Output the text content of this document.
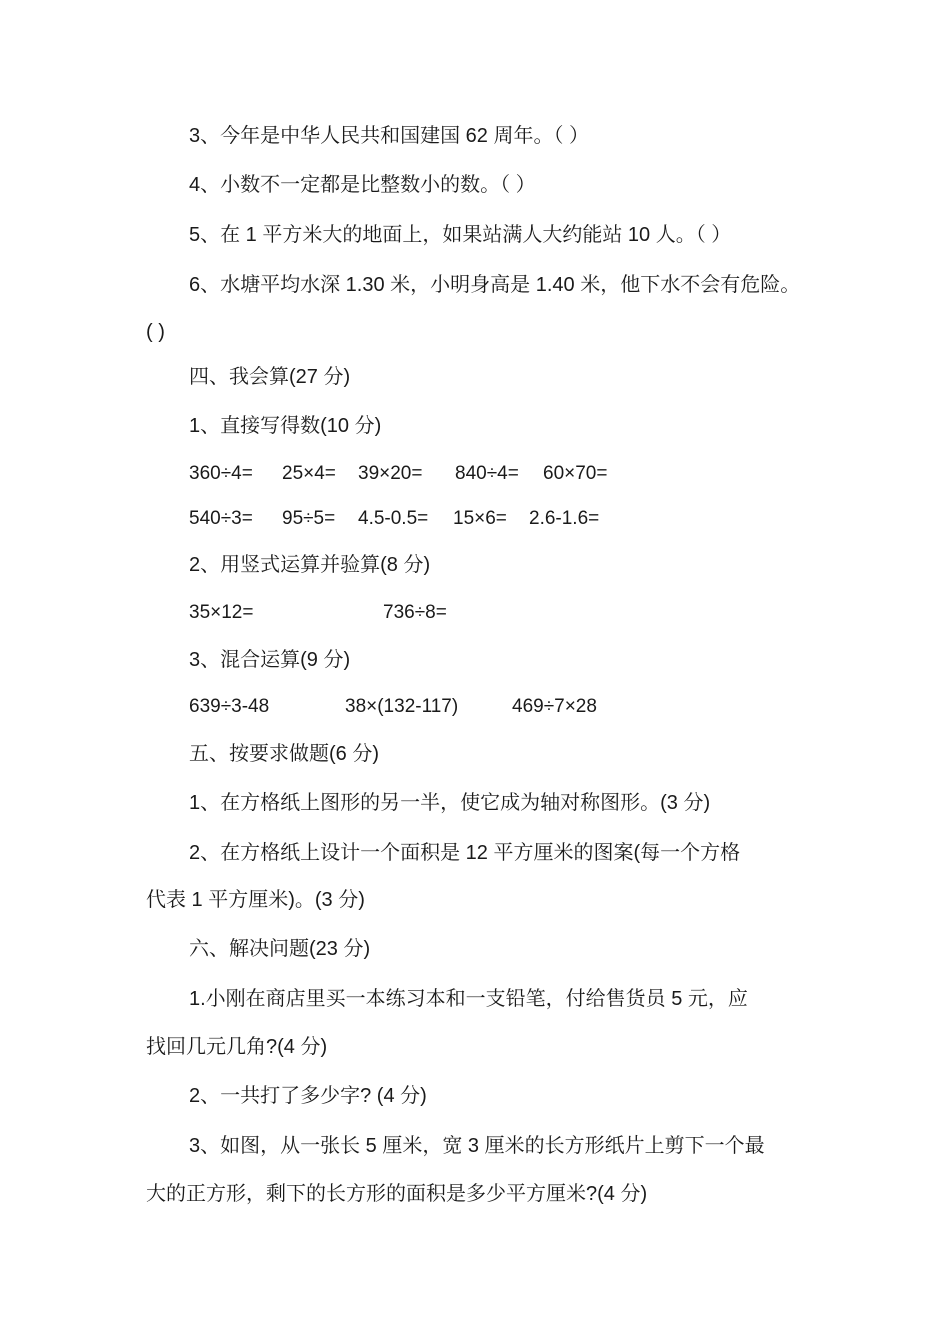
3、今年是中华人民共和国建国 62 周年。（ ）
4、小数不一定都是比整数小的数。（ ）
5、在 1 平方米大的地面上，如果站满人大约能站 10 人。（ ）
6、水塘平均水深 1.30 米，小明身高是 1.40 米，他下水不会有危险。
( )
四、我会算(27 分)
1、直接写得数(10 分)
360÷4= 25×4= 39×20= 840÷4= 60×70=
540÷3= 95÷5= 4.5-0.5= 15×6= 2.6-1.6=
2、用竖式运算并验算(8 分)
35×12=	736÷8=
3、混合运算(9 分)
639÷3-48	38×(132-117)	469÷7×28
五、按要求做题(6 分)
1、在方格纸上图形的另一半，使它成为轴对称图形。(3 分)
2、在方格纸上设计一个面积是 12 平方厘米的图案(每一个方格
代表 1 平方厘米)。(3 分)
六、解决问题(23 分)
1.小刚在商店里买一本练习本和一支铅笔，付给售货员 5 元，应
找回几元几角?(4 分)
2、一共打了多少字? (4 分)
3、如图，从一张长 5 厘米，宽 3 厘米的长方形纸片上剪下一个最
大的正方形，剩下的长方形的面积是多少平方厘米?(4 分)
